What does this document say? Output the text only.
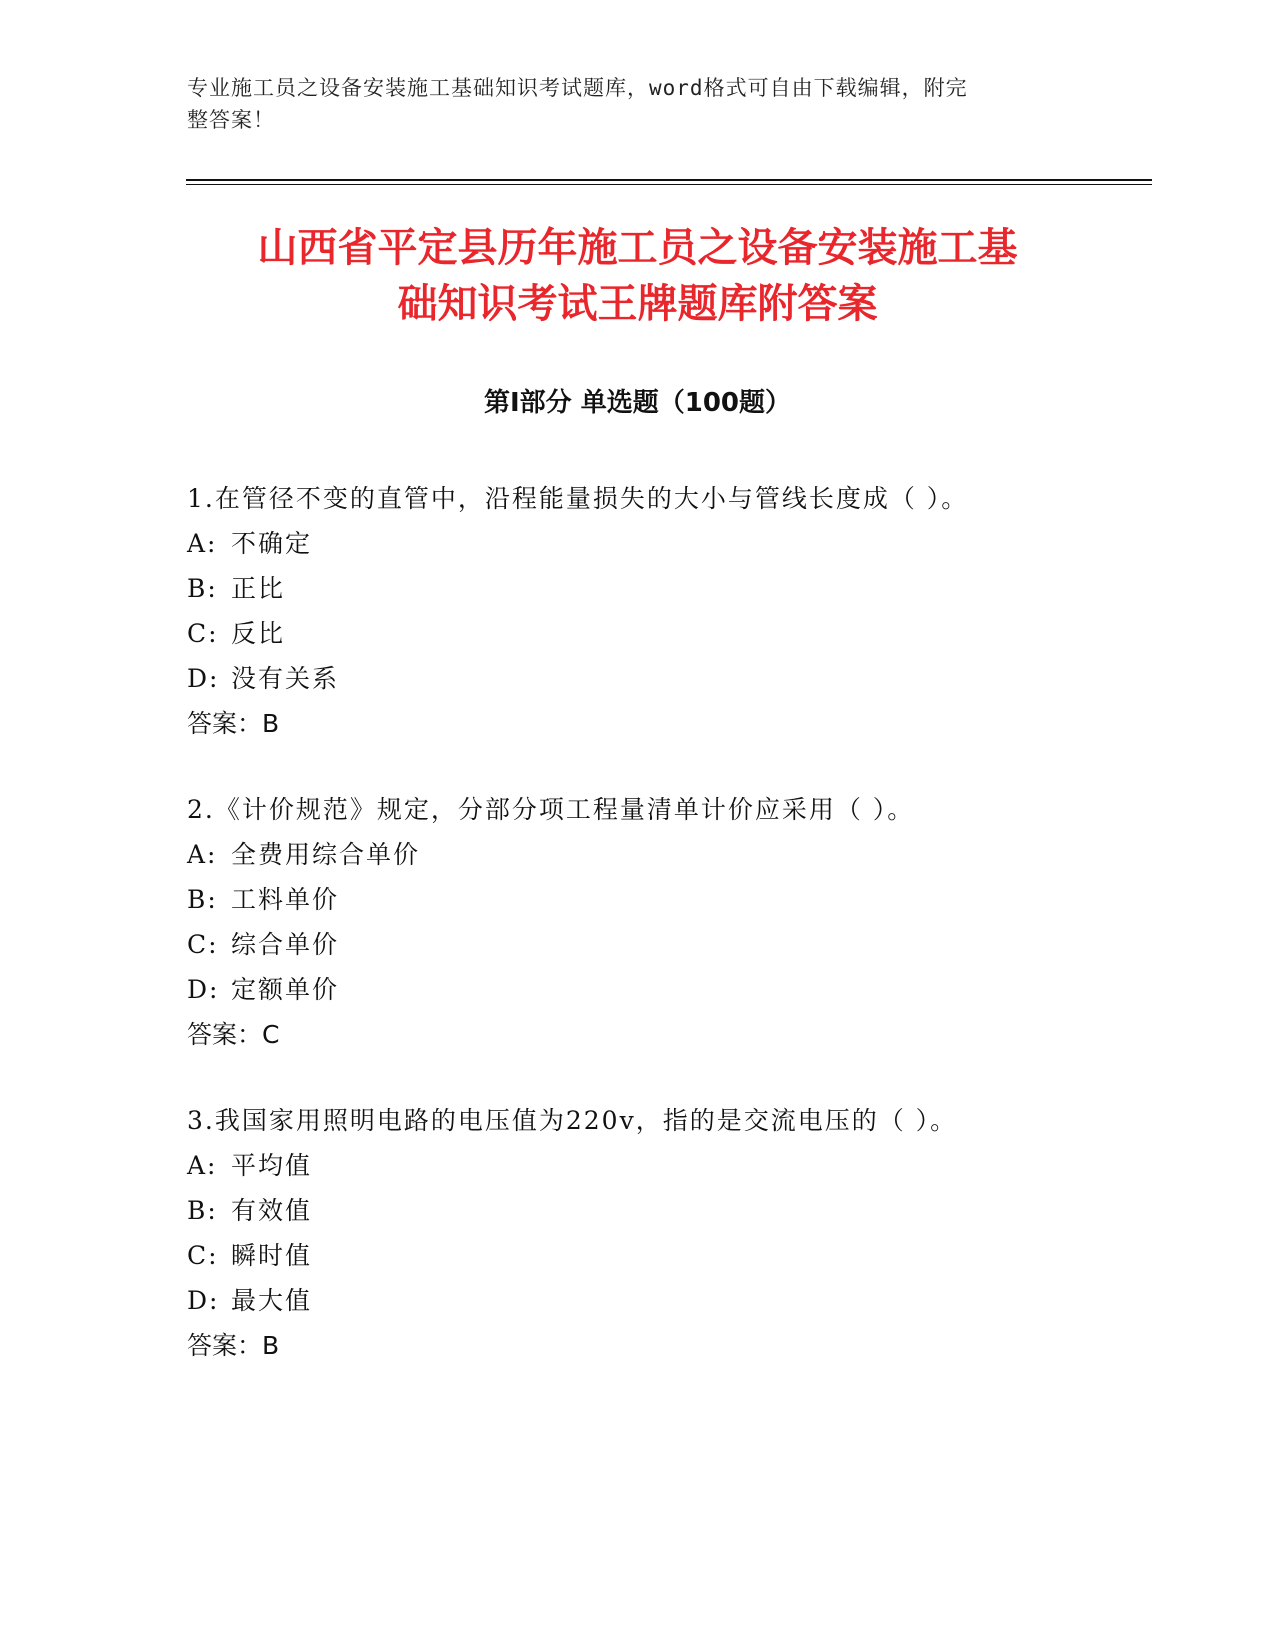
专业施工员之设备安装施工基础知识考试题库，word格式可自由下载编辑，附完
整答案！

山西省平定县历年施工员之设备安装施工基
础知识考试王牌题库附答案
第Ⅰ部分 单选题（100题）
1.在管径不变的直管中，沿程能量损失的大小与管线长度成（ ）。
A: 不确定
B: 正比
C: 反比
D: 没有关系
答案：B
2.《计价规范》规定，分部分项工程量清单计价应采用（ ）。
A: 全费用综合单价
B: 工料单价
C: 综合单价
D: 定额单价
答案：C
3.我国家用照明电路的电压值为220v，指的是交流电压的（ ）。
A: 平均值
B: 有效值
C: 瞬时值
D: 最大值
答案：B
